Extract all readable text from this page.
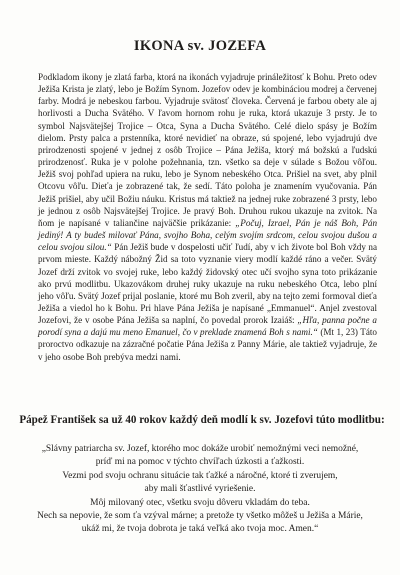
IKONA sv. JOZEFA

Podkladom ikony je zlatá farba, ktorá na ikonách vyjadruje prináležitosť k Bohu. Preto odev Ježiša Krista je zlatý, lebo je Božím Synom. Jozefov odev je kombináciou modrej a červenej farby. Modrá je nebeskou farbou. Vyjadruje svätosť človeka. Červená je farbou obety ale aj horlivosti a Ducha Svätého. V ľavom hornom rohu je ruka, ktorá ukazuje 3 prsty. Je to symbol Najsvätejšej Trojice – Otca, Syna a Ducha Svätého. Celé dielo spásy je Božím dielom. Prsty palca a prstenníka, ktoré nevidieť na obraze, sú spojené, lebo vyjadrujú dve prirodzenosti spojené v jednej z osôb Trojice – Pána Ježiša, ktorý má božskú a ľudskú prirodzenosť. Ruka je v polohe požehnania, tzn. všetko sa deje v súlade s Božou vôľou. Ježiš svoj pohľad upiera na ruku, lebo je Synom nebeského Otca. Prišiel na svet, aby plnil Otcovu vôľu. Dieťa je zobrazené tak, že sedí. Táto poloha je znamením vyučovania. Pán Ježiš prišiel, aby učil Božiu náuku. Kristus má taktiež na jednej ruke zobrazené 3 prsty, lebo je jednou z osôb Najsvätejšej Trojice. Je pravý Boh. Druhou rukou ukazuje na zvitok. Na ňom je napísané v taliančine najväčšie prikázanie: „Počuj, Izrael, Pán je náš Boh, Pán jediný! A ty budeš milovať Pána, svojho Boha, celým svojím srdcom, celou svojou dušou a celou svojou silou.“ Pán Ježiš bude v dospelosti učiť ľudí, aby v ich živote bol Boh vždy na prvom mieste. Každý nábožný Žid sa toto vyznanie viery modlí každé ráno a večer. Svätý Jozef drží zvitok vo svojej ruke, lebo každý židovský otec učí svojho syna toto prikázanie ako prvú modlitbu. Ukazovákom druhej ruky ukazuje na ruku nebeského Otca, lebo plní jeho vôľu. Svätý Jozef prijal poslanie, ktoré mu Boh zveril, aby na tejto zemi formoval dieťa Ježiša a viedol ho k Bohu. Pri hlave Pána Ježiša je napísané „Emmanuel“. Anjel zvestoval Jozefovi, že v osobe Pána Ježiša sa naplní, čo povedal prorok Izaiáš: „Hľa, panna počne a porodí syna a dajú mu meno Emanuel, čo v preklade znamená Boh s nami.“ (Mt 1, 23) Táto proroctvo odkazuje na zázračné počatie Pána Ježiša z Panny Márie, ale taktiež vyjadruje, že v jeho osobe Boh prebýva medzi nami.

Pápež František sa už 40 rokov každý deň modlí k sv. Jozefovi túto modlitbu:
„Slávny patriarcha sv. Jozef, ktorého moc dokáže urobiť nemožnými veci nemožné,
príď mi na pomoc v týchto chvíľach úzkosti a ťažkosti.
Vezmi pod svoju ochranu situácie tak ťažké a náročné, ktoré ti zverujem,
aby mali šťastlivé vyriešenie.
Môj milovaný otec, všetku svoju dôveru vkladám do teba.
Nech sa nepovie, že som ťa vzýval márne; a pretože ty všetko môžeš u Ježiša a Márie,
ukáž mi, že tvoja dobrota je taká veľká ako tvoja moc. Amen.“
